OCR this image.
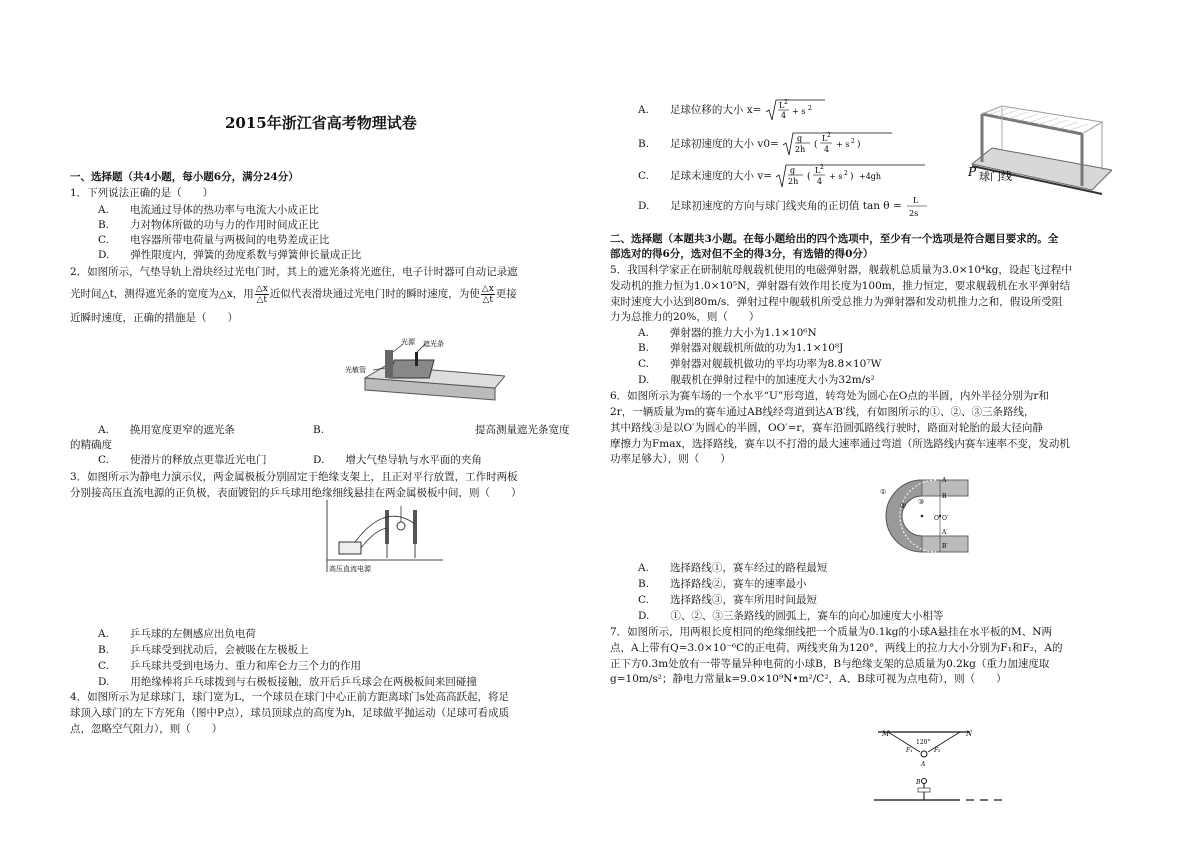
2015年浙江省高考物理试卷
一、选择题（共4小题，每小题6分，满分24分）
1．下列说法正确的是（　　）
A.　　电流通过导体的热功率与电流大小成正比
B.　　力对物体所做的功与力的作用时间成正比
C.　　电容器所带电荷量与两极间的电势差成正比
D.　　弹性限度内，弹簧的劲度系数与弹簧伸长量成正比
2．如图所示，气垫导轨上滑块经过光电门时，其上的遮光条将光遮住，电子计时器可自动记录遮
光时间△t，测得遮光条的宽度为△x，用 $\frac{\triangle x}{\triangle t}$ 近似代表滑块通过光电门时的瞬时速度，为使 $\frac{\triangle x}{\triangle t}$ 更接
近瞬时速度，正确的措施是（　　）
光源 遮光条
光敏管
A.　　换用宽度更窄的遮光条	B.	提高测量遮光条宽度
的精确度
C.　　使滑片的释放点更靠近光电门	D.　　增大气垫导轨与水平面的夹角
3．如图所示为静电力演示仪，两金属极板分别固定于绝缘支架上，且正对平行放置，工作时两板
分别接高压直流电源的正负极，表面镀铝的乒乓球用绝缘细线悬挂在两金属极板中间，则（　　）
高压直流电源
A.　　乒乓球的左侧感应出负电荷
B.　　乒乓球受到扰动后，会被吸在左极板上
C.　　乒乓球共受到电场力、重力和库仑力三个力的作用
D.　　用绝缘棒将乒乓球拨到与右极板接触，放开后乒乓球会在两极板间来回碰撞
4．如图所示为足球球门，球门宽为L，一个球员在球门中心正前方距离球门s处高高跃起，将足
球顶入球门的左下方死角（图中P点），球员顶球点的高度为h，足球做平抛运动（足球可看成质
点，忽略空气阻力），则（　　）
A.　　足球位移的大小 x= L 2
4 + s 2
B.　　足球初速度的大小 v0= g
2h (
L 2
4
+ s 2 )
C.　　足球末速度的大小 v= g
2h (
L 2
4
+ s 2 ) +4gh
D.　　足球初速度的方向与球门线夹角的正切值 tan θ = L
2s
P 球门线
二、选择题（本题共3小题。在每小题给出的四个选项中，至少有一个选项是符合题目要求的。全
部选对的得6分，选对但不全的得3分，有选错的得0分）
5．我国科学家正在研制航母舰载机使用的电磁弹射器，舰载机总质量为3.0×10⁴kg，设起飞过程中
发动机的推力恒为1.0×10⁵N，弹射器有效作用长度为100m，推力恒定，要求舰载机在水平弹射结
束时速度大小达到80m/s．弹射过程中舰载机所受总推力为弹射器和发动机推力之和，假设所受阻
力为总推力的20%，则（　　）
A.　　弹射器的推力大小为1.1×10⁶N
B.　　弹射器对舰载机所做的功为1.1×10⁸J
C.　　弹射器对舰载机做功的平均功率为8.8×10⁷W
D.　　舰载机在弹射过程中的加速度大小为32m/s²
6．如图所示为赛车场的一个水平“U”形弯道，转弯处为圆心在O点的半圆，内外半径分别为r和
2r，一辆质量为m的赛车通过AB线经弯道到达A′B′线，有如图所示的①、②、③三条路线，
其中路线③是以O′为圆心的半圆，OO′=r，赛车沿圆弧路线行驶时，路面对轮胎的最大径向静
摩擦力为Fmax，选择路线，赛车以不打滑的最大速率通过弯道（所选路线内赛车速率不变，发动机
功率足够大），则（　　）
①
② ③
A
B
O O′
A′
B′
A.　　选择路线①，赛车经过的路程最短
B.　　选择路线②，赛车的速率最小
C.　　选择路线③，赛车所用时间最短
D.　　①、②、③三条路线的圆弧上，赛车的向心加速度大小相等
7．如图所示，用两根长度相同的绝缘细线把一个质量为0.1kg的小球A悬挂在水平板的M、N两
点，A上带有Q=3.0×10⁻⁶C的正电荷，两线夹角为120°，两线上的拉力大小分别为F₁和F₂，A的
正下方0.3m处放有一带等量异种电荷的小球B，B与绝缘支架的总质量为0.2kg（重力加速度取
g=10m/s²；静电力常量k=9.0×10⁹N•m²/C²，A、B球可视为点电荷），则（　　）
M	N
120°
F₁	F₂
A
B
